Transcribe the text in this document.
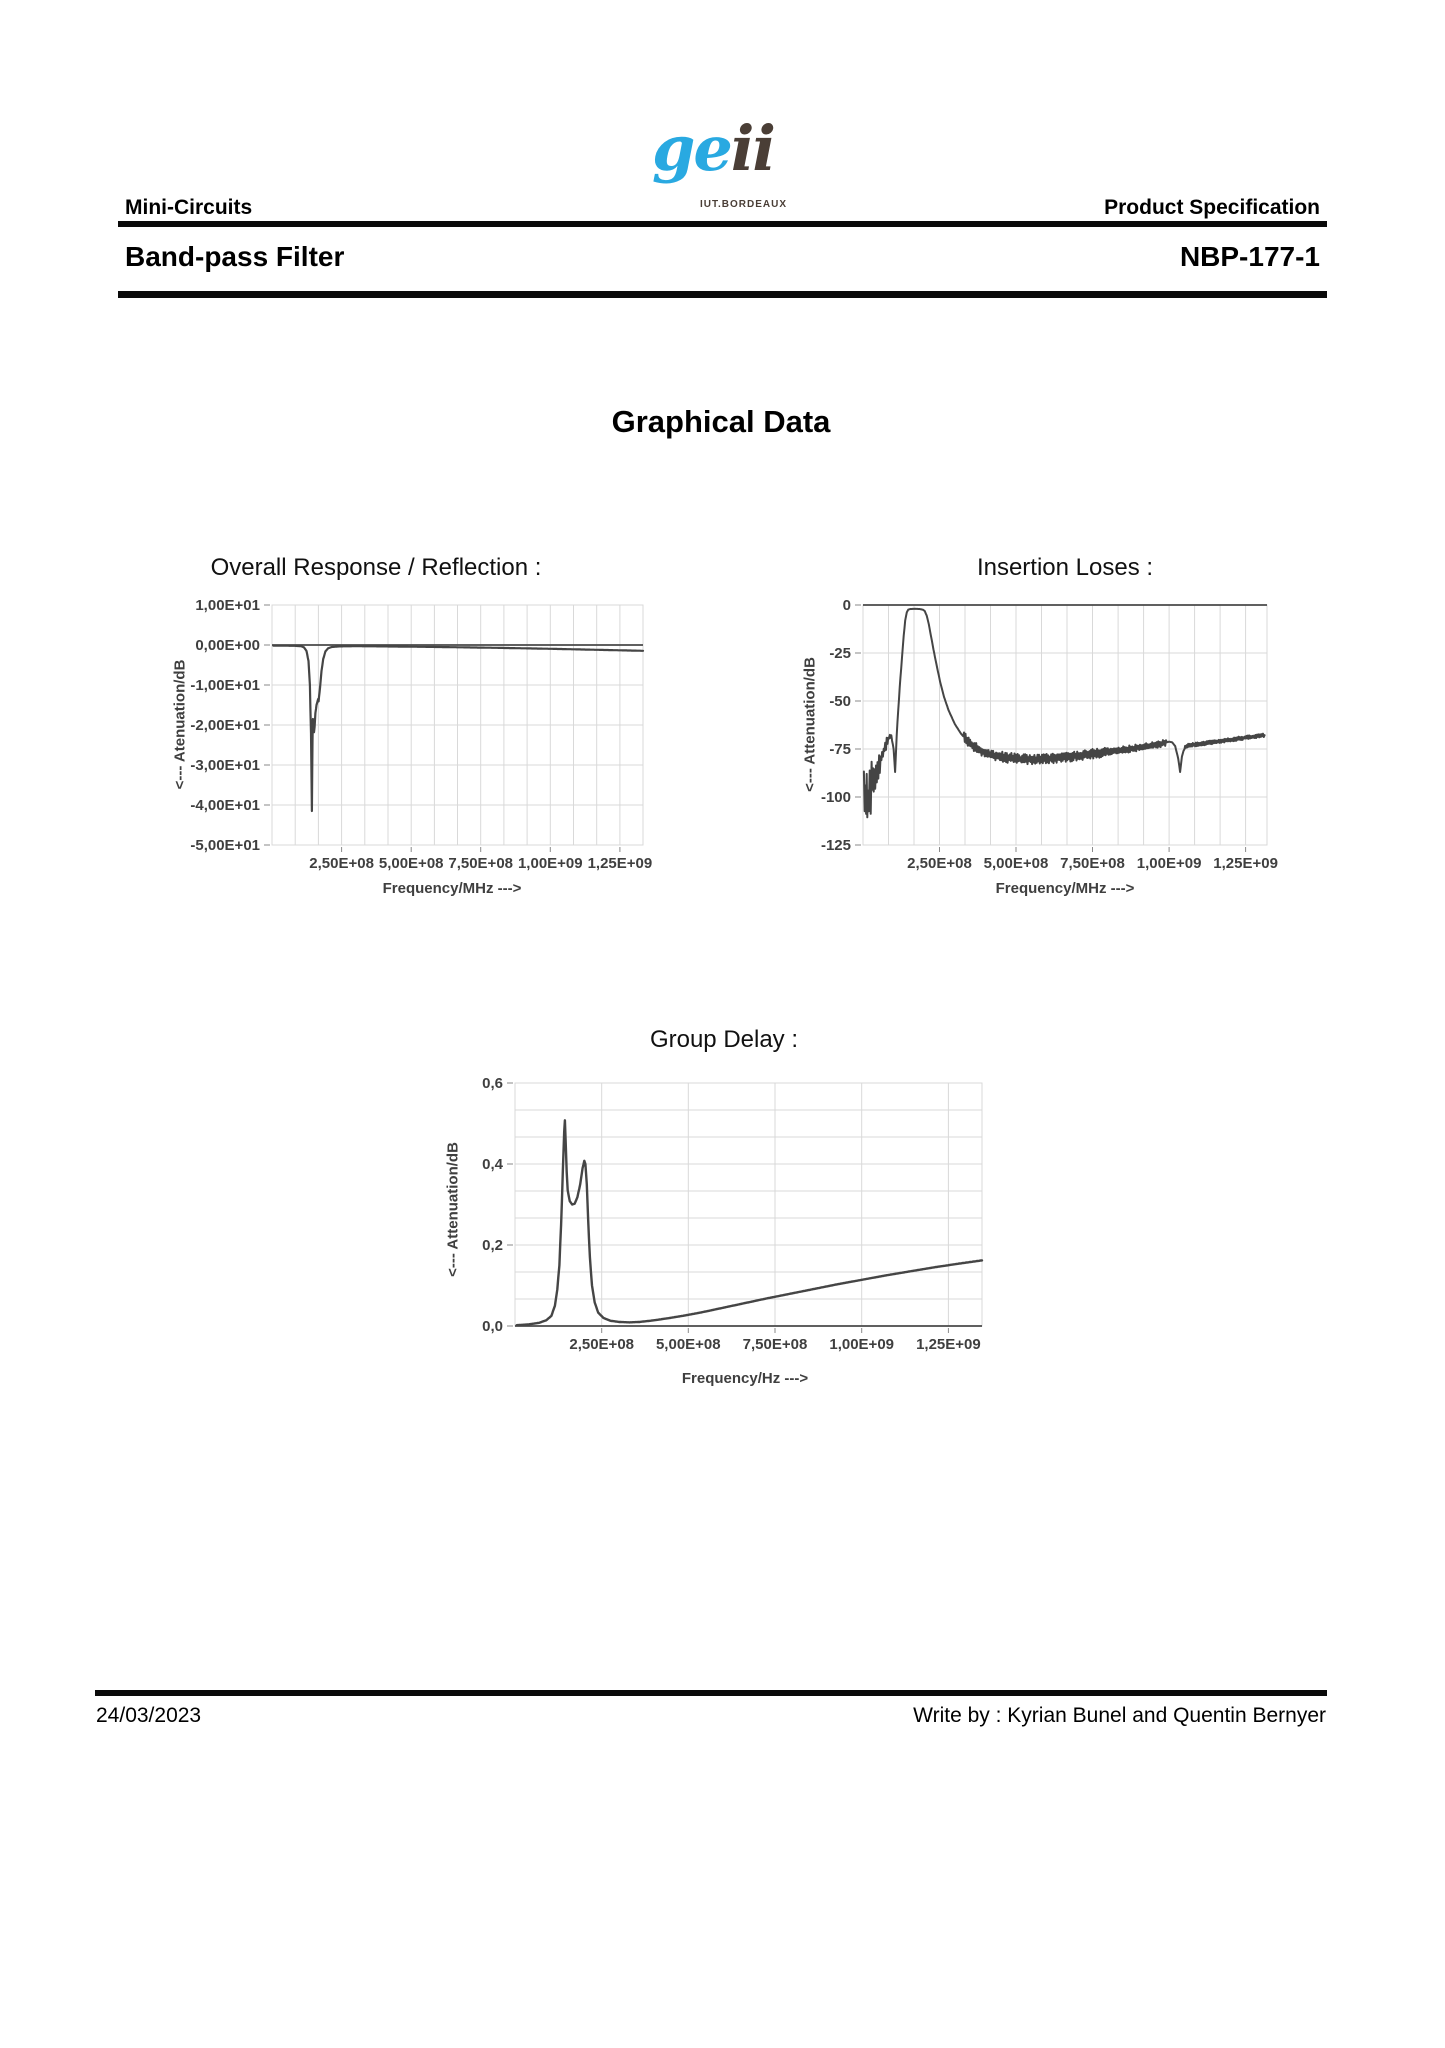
Mini-Circuits
geii
IUT.BORDEAUX	Product Specification
Band-pass Filter	NBP-177-1
Graphical Data
Overall Response / Reflection :
1,00E+01
0,00E+00
-1,00E+01
-2,00E+01
-3,00E+01
-4,00E+01
-5,00E+01
2,50E+08 5,00E+08 7,50E+08 1,00E+09 1,25E+09
Frequency/MHz --->
<--- Atenuation/dB
Insertion Loses :
0
-25
-50
-75
-100
-125
2,50E+08 5,00E+08 7,50E+08 1,00E+09 1,25E+09
Frequency/MHz --->
<--- Attenuation/dB
Group Delay :
0,6
0,4
0,2
0,0
2,50E+08 5,00E+08 7,50E+08 1,00E+09 1,25E+09
Frequency/Hz --->
<--- Attenuation/dB
24/03/2023	Write by : Kyrian Bunel and Quentin Bernyer
